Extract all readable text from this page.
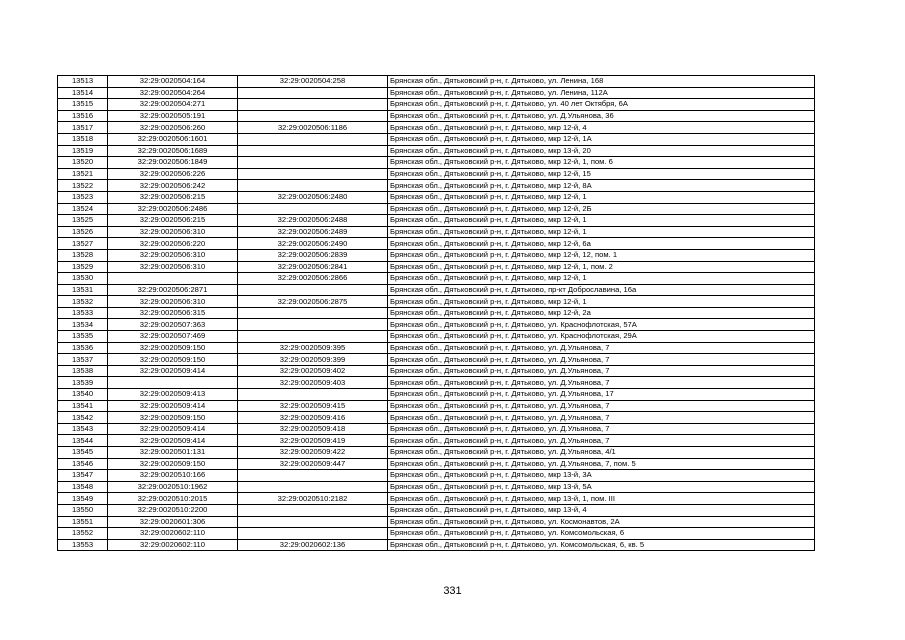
13513	32:29:0020504:164	32:29:0020504:258	Брянская обл., Дятьковский р-н, г. Дятьково, ул. Ленина, 168
13514	32:29:0020504:264		Брянская обл., Дятьковский р-н, г. Дятьково, ул. Ленина, 112А
13515	32:29:0020504:271		Брянская обл., Дятьковский р-н, г. Дятьково, ул. 40 лет Октября, 6А
13516	32:29:0020505:191		Брянская обл., Дятьковский р-н, г. Дятьково, ул. Д.Ульянова, 36
13517	32:29:0020506:260	32:29:0020506:1186	Брянская обл., Дятьковский р-н, г. Дятьково, мкр 12-й, 4
13518	32:29:0020506:1601		Брянская обл., Дятьковский р-н, г. Дятьково, мкр 12-й, 1А
13519	32:29:0020506:1689		Брянская обл., Дятьковский р-н, г. Дятьково, мкр 13-й, 20
13520	32:29:0020506:1849		Брянская обл., Дятьковский р-н, г. Дятьково, мкр 12-й, 1, пом. 6
13521	32:29:0020506:226		Брянская обл., Дятьковский р-н, г. Дятьково, мкр 12-й, 15
13522	32:29:0020506:242		Брянская обл., Дятьковский р-н, г. Дятьково, мкр 12-й, 8А
13523	32:29:0020506:215	32:29:0020506:2480	Брянская обл., Дятьковский р-н, г. Дятьково, мкр 12-й, 1
13524	32:29:0020506:2486		Брянская обл., Дятьковский р-н, г. Дятьково, мкр 12-й, 2Б
13525	32:29:0020506:215	32:29:0020506:2488	Брянская обл., Дятьковский р-н, г. Дятьково, мкр 12-й, 1
13526	32:29:0020506:310	32:29:0020506:2489	Брянская обл., Дятьковский р-н, г. Дятьково, мкр 12-й, 1
13527	32:29:0020506:220	32:29:0020506:2490	Брянская обл., Дятьковский р-н, г. Дятьково, мкр 12-й, 6а
13528	32:29:0020506:310	32:29:0020506:2839	Брянская обл., Дятьковский р-н, г. Дятьково, мкр 12-й, 12, пом. 1
13529	32:29:0020506:310	32:29:0020506:2841	Брянская обл., Дятьковский р-н, г. Дятьково, мкр 12-й, 1, пом. 2
13530		32:29:0020506:2866	Брянская обл., Дятьковский р-н, г. Дятьково, мкр 12-й, 1
13531	32:29:0020506:2871		Брянская обл., Дятьковский р-н, г. Дятьково, пр-кт Доброславина, 16а
13532	32:29:0020506:310	32:29:0020506:2875	Брянская обл., Дятьковский р-н, г. Дятьково, мкр 12-й, 1
13533	32:29:0020506:315		Брянская обл., Дятьковский р-н, г. Дятьково, мкр 12-й, 2а
13534	32:29:0020507:363		Брянская обл., Дятьковский р-н, г. Дятьково, ул. Краснофлотская, 57А
13535	32:29:0020507:469		Брянская обл., Дятьковский р-н, г. Дятьково, ул. Краснофлотская, 29А
13536	32:29:0020509:150	32:29:0020509:395	Брянская обл., Дятьковский р-н, г. Дятьково, ул. Д.Ульянова, 7
13537	32:29:0020509:150	32:29:0020509:399	Брянская обл., Дятьковский р-н, г. Дятьково, ул. Д.Ульянова, 7
13538	32:29:0020509:414	32:29:0020509:402	Брянская обл., Дятьковский р-н, г. Дятьково, ул. Д.Ульянова, 7
13539		32:29:0020509:403	Брянская обл., Дятьковский р-н, г. Дятьково, ул. Д.Ульянова, 7
13540	32:29:0020509:413		Брянская обл., Дятьковский р-н, г. Дятьково, ул. Д.Ульянова, 17
13541	32:29:0020509:414	32:29:0020509:415	Брянская обл., Дятьковский р-н, г. Дятьково, ул. Д.Ульянова, 7
13542	32:29:0020509:150	32:29:0020509:416	Брянская обл., Дятьковский р-н, г. Дятьково, ул. Д.Ульянова, 7
13543	32:29:0020509:414	32:29:0020509:418	Брянская обл., Дятьковский р-н, г. Дятьково, ул. Д.Ульянова, 7
13544	32:29:0020509:414	32:29:0020509:419	Брянская обл., Дятьковский р-н, г. Дятьково, ул. Д.Ульянова, 7
13545	32:29:0020501:131	32:29:0020509:422	Брянская обл., Дятьковский р-н, г. Дятьково, ул. Д.Ульянова, 4/1
13546	32:29:0020509:150	32:29:0020509:447	Брянская обл., Дятьковский р-н, г. Дятьково, ул. Д.Ульянова, 7, пом. 5
13547	32:29:0020510:166		Брянская обл., Дятьковский р-н, г. Дятьково, мкр 13-й, 3А
13548	32:29:0020510:1962		Брянская обл., Дятьковский р-н, г. Дятьково, мкр 13-й, 5А
13549	32:29:0020510:2015	32:29:0020510:2182	Брянская обл., Дятьковский р-н, г. Дятьково, мкр 13-й, 1, пом. III
13550	32:29:0020510:2200		Брянская обл., Дятьковский р-н, г. Дятьково, мкр 13-й, 4
13551	32:29:0020601:306		Брянская обл., Дятьковский р-н, г. Дятьково, ул. Космонавтов, 2А
13552	32:29:0020602:110		Брянская обл., Дятьковский р-н, г. Дятьково, ул. Комсомольская, 6
13553	32:29:0020602:110	32:29:0020602:136	Брянская обл., Дятьковский р-н, г. Дятьково, ул. Комсомольская, 6, кв. 5
331
